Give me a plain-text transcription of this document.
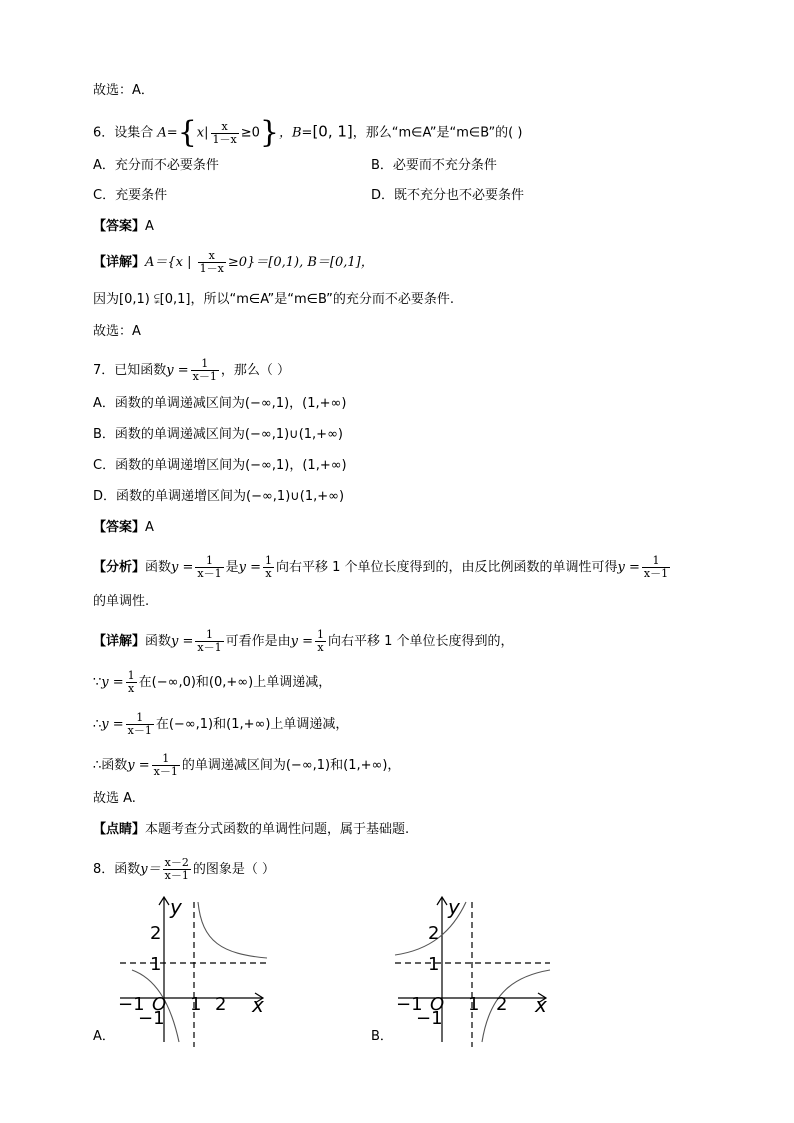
故选：A．
6．设集合 $A=\{x| \frac{x}{1-x} \ge 0\}$，B=[0, 1]，那么“m∈A”是“m∈B”的( )
A．充分而不必要条件	B．必要而不充分条件
C．充要条件	D．既不充分也不必要条件
【答案】A
【详解】A＝{x | $\frac{x}{1-x} \ge 0\}=[0,1)$, B＝[0,1]，
因为[0,1) ⫋[0,1]，所以“m∈A”是“m∈B”的充分而不必要条件.
故选：A
7．已知函数$y = \frac{1}{x-1}$ ，那么（ ）
A．函数的单调递减区间为(−∞,1)，(1,+∞)
B．函数的单调递减区间为(−∞,1)∪(1,+∞)
C．函数的单调递增区间为(−∞,1)，(1,+∞)
D．函数的单调递增区间为(−∞,1)∪(1,+∞)
【答案】A
【分析】函数$y = \frac{1}{x-1}$ 是$y = \frac{1}{x}$ 向右平移 1 个单位长度得到的，由反比例函数的单调性可得$y = \frac{1}{x-1}$
的单调性.
【详解】函数$y = \frac{1}{x-1}$ 可看作是由$y = \frac{1}{x}$ 向右平移 1 个单位长度得到的，
∵y = $\frac{1}{x}$ 在(−∞,0)和(0,+∞)上单调递减，
∴y = $\frac{1}{x-1}$ 在(−∞,1)和(1,+∞)上单调递减，
∴函数$y = \frac{1}{x-1}$ 的单调递减区间为(−∞,1)和(1,+∞)，
故选 A.
【点睛】本题考查分式函数的单调性问题，属于基础题.
8．函数$y= \frac{x-2}{x-1}$ 的图象是（ ）
y
x
2
1
−1 O
−1
1 2
A．
y
x
2
1
−1 O
−1
1 2
B．
